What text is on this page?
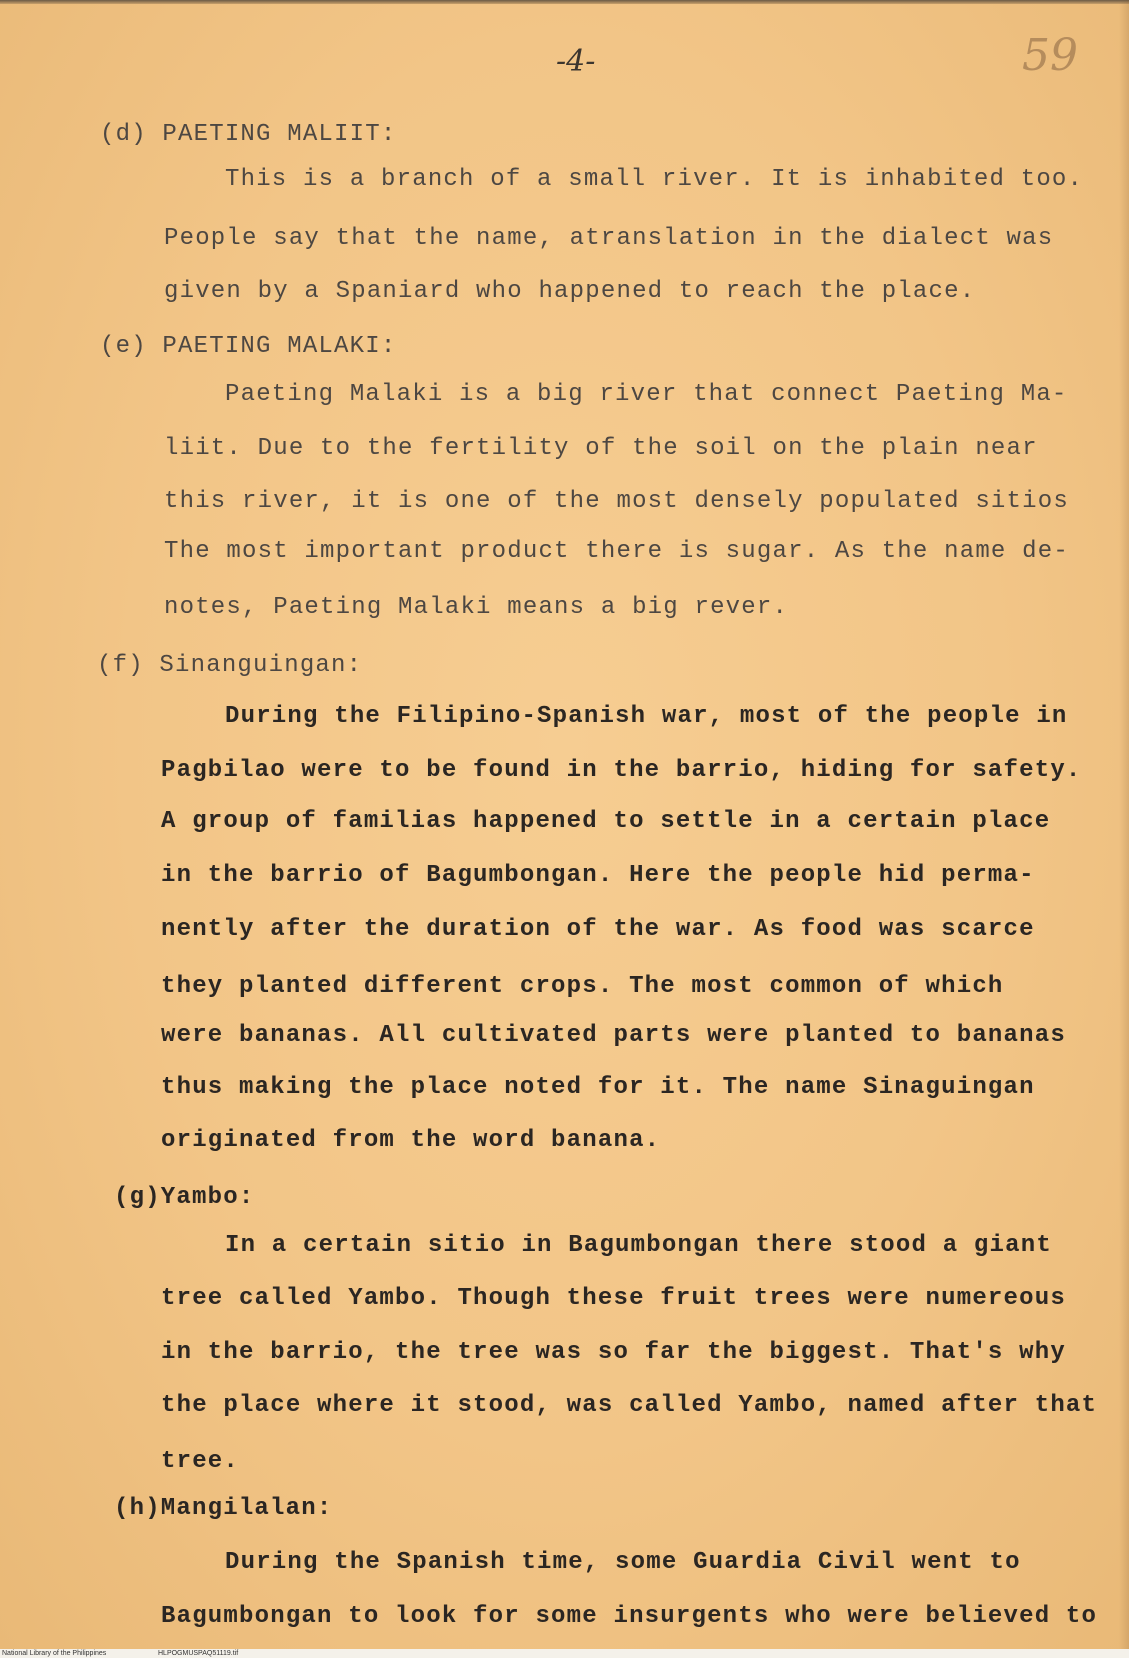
-4-	59
(d) PAETING MALIIT:
This is a branch of a small river. It is inhabited too.
People say that the name, atranslation in the dialect was
given by a Spaniard who happened to reach the place.
(e) PAETING MALAKI:
Paeting Malaki is a big river that connect Paeting Ma-
liit. Due to the fertility of the soil on the plain near
this river, it is one of the most densely populated sitios
The most important product there is sugar. As the name de-
notes, Paeting Malaki means a big rever.
(f) Sinanguingan:
During the Filipino-Spanish war, most of the people in
Pagbilao were to be found in the barrio, hiding for safety.
A group of familias happened to settle in a certain place
in the barrio of Bagumbongan. Here the people hid perma-
nently after the duration of the war. As food was scarce
they planted different crops. The most common of which
were bananas. All cultivated parts were planted to bananas
thus making the place noted for it. The name Sinaguingan
originated from the word banana.
(g)Yambo:
In a certain sitio in Bagumbongan there stood a giant
tree called Yambo. Though these fruit trees were numereous
in the barrio, the tree was so far the biggest. That's why
the place where it stood, was called Yambo, named after that
tree.
(h)Mangilalan:
During the Spanish time, some Guardia Civil went to
Bagumbongan to look for some insurgents who were believed to
National Library of the Philippines	HLPOGMUSPAQ51119.tif
